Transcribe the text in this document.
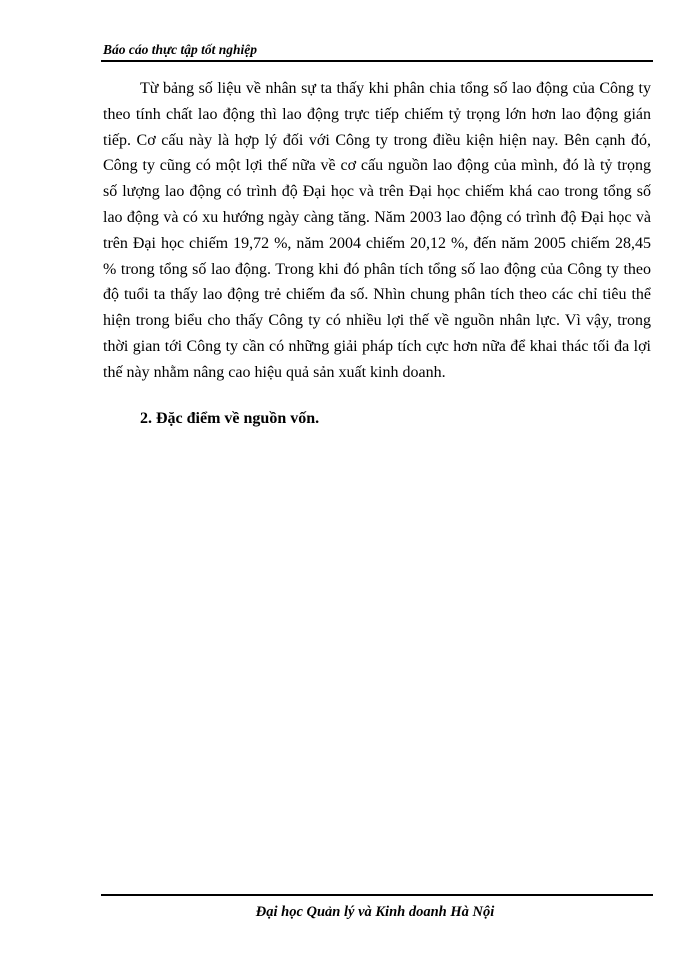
Báo cáo thực tập tốt nghiệp

Từ bảng số liệu về nhân sự ta thấy khi phân chia tổng số lao động của Công ty theo tính chất lao động thì lao động trực tiếp chiếm tỷ trọng lớn hơn lao động gián tiếp. Cơ cấu này là hợp lý đối với Công ty trong điều kiện hiện nay. Bên cạnh đó, Công ty cũng có một lợi thế nữa về cơ cấu nguồn lao động của mình, đó là tỷ trọng số lượng lao động có trình độ Đại học và trên Đại học chiếm khá cao trong tổng số lao động và có xu hướng ngày càng tăng. Năm 2003 lao động có trình độ Đại học và trên Đại học chiếm 19,72 %, năm 2004 chiếm 20,12 %, đến năm 2005 chiếm 28,45 % trong tổng số lao động. Trong khi đó phân tích tổng số lao động của Công ty theo độ tuổi ta thấy lao động trẻ chiếm đa số. Nhìn chung phân tích theo các chỉ tiêu thể hiện trong biểu cho thấy Công ty có nhiều lợi thế về nguồn nhân lực. Vì vậy, trong thời gian tới Công ty cần có những giải pháp tích cực hơn nữa để khai thác tối đa lợi thế này nhằm nâng cao hiệu quả sản xuất kinh doanh.

2. Đặc điểm về nguồn vốn.

Đại học Quản lý và Kinh doanh Hà Nội
